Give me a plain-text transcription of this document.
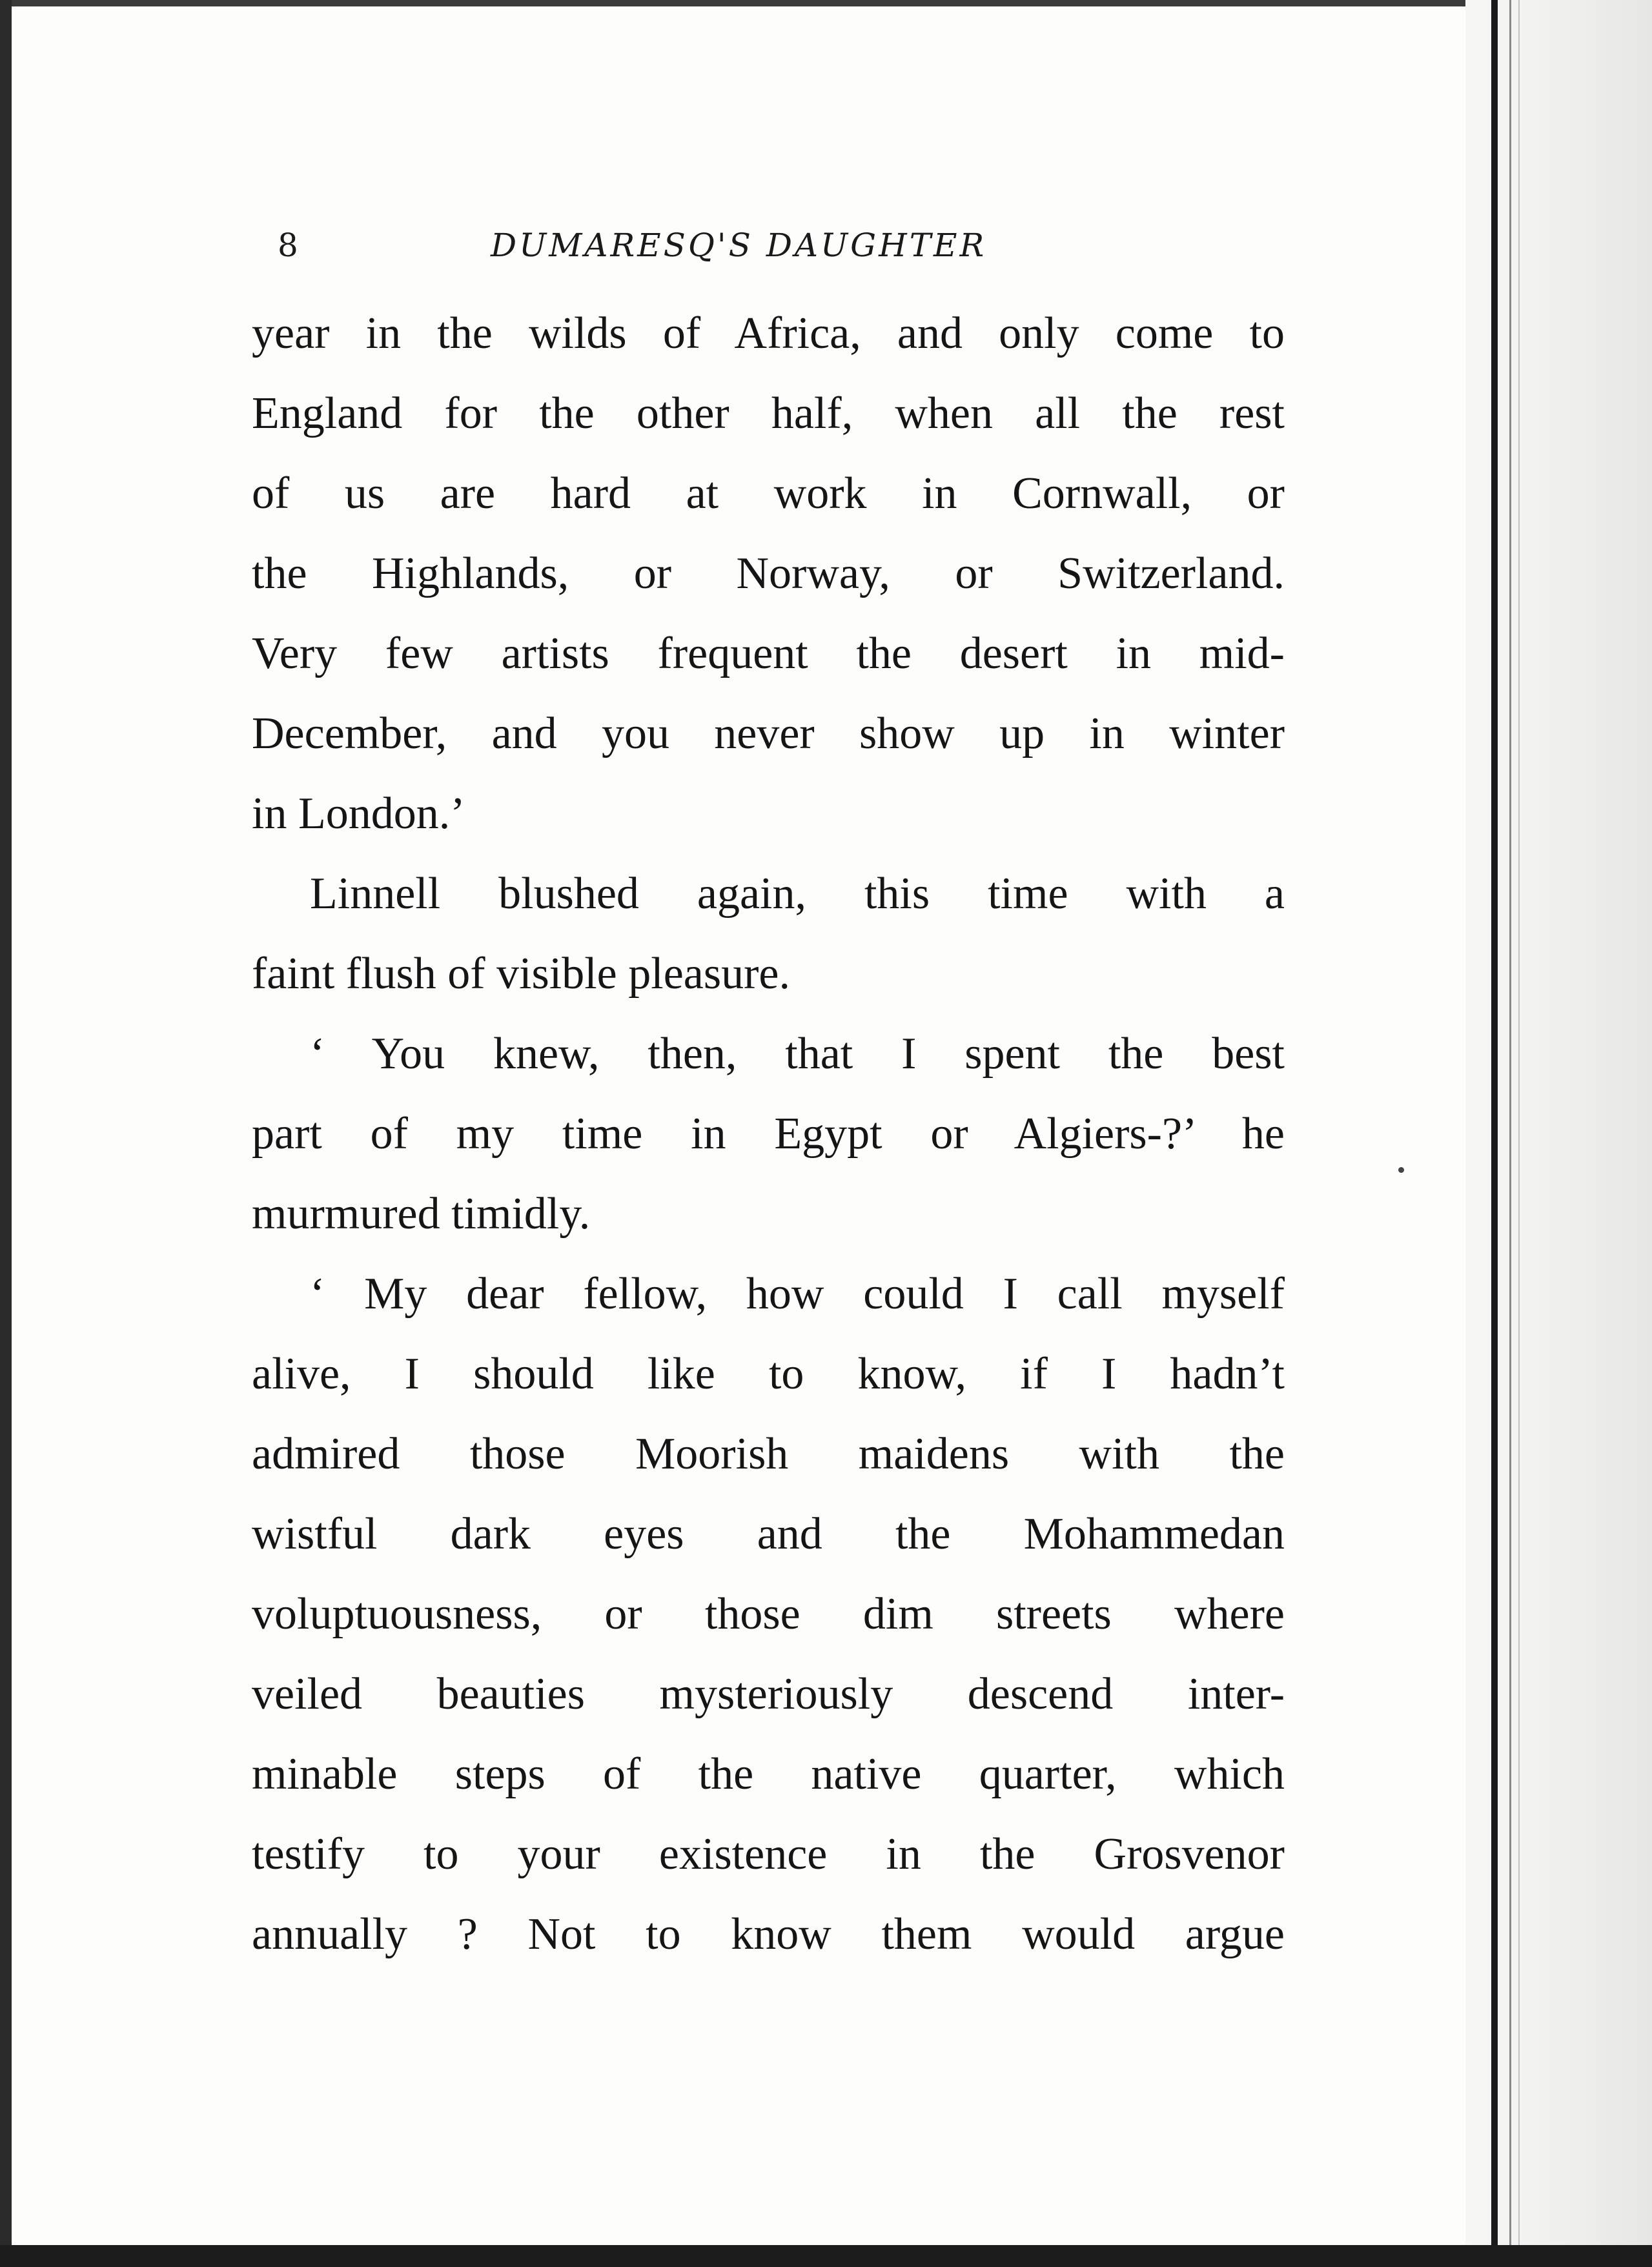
8	DUMARESQ'S DAUGHTER

year in the wilds of Africa, and only come to
England for the other half, when all the rest
of us are hard at work in Cornwall, or
the Highlands, or Norway, or Switzerland.
Very few artists frequent the desert in mid-
December, and you never show up in winter
in London.’

Linnell blushed again, this time with a
faint flush of visible pleasure.

‘ You knew, then, that I spent the best
part of my time in Egypt or Algiers-?’ he
murmured timidly.

‘ My dear fellow, how could I call myself
alive, I should like to know, if I hadn’t
admired those Moorish maidens with the
wistful dark eyes and the Mohammedan
voluptuousness, or those dim streets where
veiled beauties mysteriously descend inter-
minable steps of the native quarter, which
testify to your existence in the Grosvenor
annually ? Not to know them would argue
